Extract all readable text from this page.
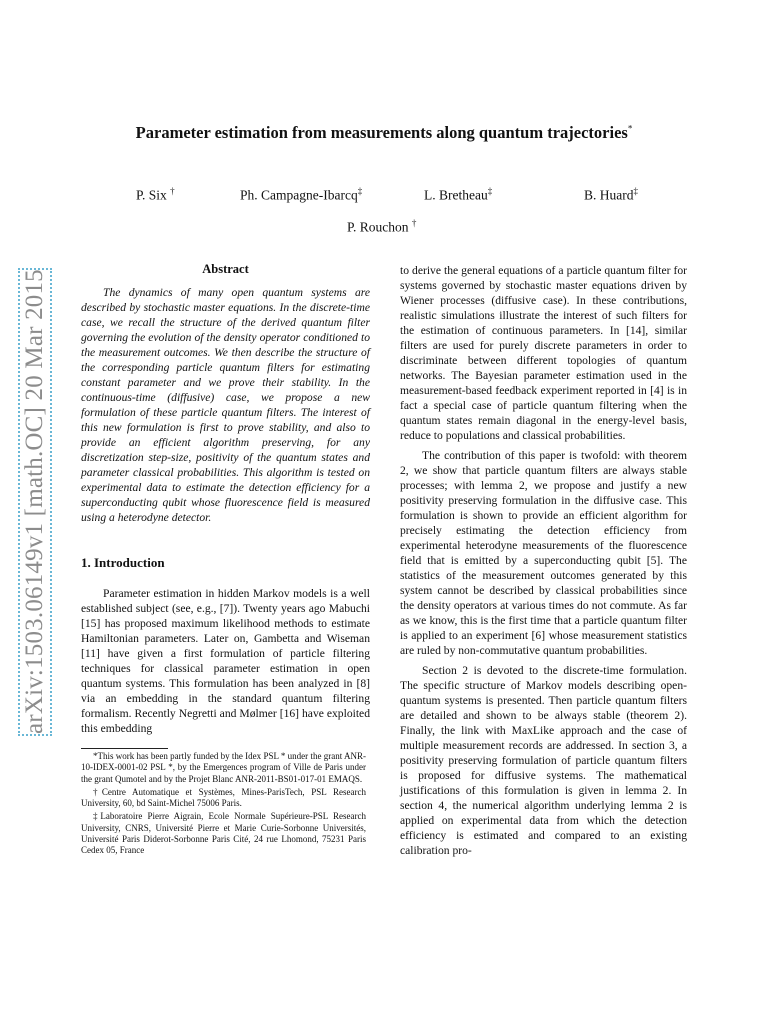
arXiv:1503.06149v1 [math.OC] 20 Mar 2015
Parameter estimation from measurements along quantum trajectories*
P. Six †	Ph. Campagne-Ibarcq‡	L. Bretheau‡	B. Huard‡
P. Rouchon †

Abstract

The dynamics of many open quantum systems are described by stochastic master equations. In the discrete-time case, we recall the structure of the derived quantum filter governing the evolution of the density operator conditioned to the measurement outcomes. We then describe the structure of the corresponding particle quantum filters for estimating constant parameter and we prove their stability. In the continuous-time (diffusive) case, we propose a new formulation of these particle quantum filters. The interest of this new formulation is first to prove stability, and also to provide an efficient algorithm preserving, for any discretization step-size, positivity of the quantum states and parameter classical probabilities. This algorithm is tested on experimental data to estimate the detection efficiency for a superconducting qubit whose fluorescence field is measured using a heterodyne detector.

1. Introduction

Parameter estimation in hidden Markov models is a well established subject (see, e.g., [7]). Twenty years ago Mabuchi [15] has proposed maximum likelihood methods to estimate Hamiltonian parameters. Later on, Gambetta and Wiseman [11] have given a first formulation of particle filtering techniques for classical parameter estimation in open quantum systems. This formulation has been analyzed in [8] via an embedding in the standard quantum filtering formalism. Recently Negretti and Mølmer [16] have exploited this embedding

*This work has been partly funded by the Idex PSL * under the grant ANR-10-IDEX-0001-02 PSL *, by the Emergences program of Ville de Paris under the grant Qumotel and by the Projet Blanc ANR-2011-BS01-017-01 EMAQS.

†Centre Automatique et Systèmes, Mines-ParisTech, PSL Research University, 60, bd Saint-Michel 75006 Paris.

‡Laboratoire Pierre Aigrain, Ecole Normale Supérieure-PSL Research University, CNRS, Université Pierre et Marie Curie-Sorbonne Universités, Université Paris Diderot-Sorbonne Paris Cité, 24 rue Lhomond, 75231 Paris Cedex 05, France

to derive the general equations of a particle quantum filter for systems governed by stochastic master equations driven by Wiener processes (diffusive case). In these contributions, realistic simulations illustrate the interest of such filters for the estimation of continuous parameters. In [14], similar filters are used for purely discrete parameters in order to discriminate between different topologies of quantum networks. The Bayesian parameter estimation used in the measurement-based feedback experiment reported in [4] is in fact a special case of particle quantum filtering when the quantum states remain diagonal in the energy-level basis, reduce to populations and classical probabilities.

The contribution of this paper is twofold: with theorem 2, we show that particle quantum filters are always stable processes; with lemma 2, we propose and justify a new positivity preserving formulation in the diffusive case. This formulation is shown to provide an efficient algorithm for precisely estimating the detection efficiency from experimental heterodyne measurements of the fluorescence field that is emitted by a superconducting qubit [5]. The statistics of the measurement outcomes generated by this system cannot be described by classical probabilities since the density operators at various times do not commute. As far as we know, this is the first time that a particle quantum filter is applied to an experiment [6] whose measurement statistics are ruled by non-commutative quantum probabilities.

Section 2 is devoted to the discrete-time formulation. The specific structure of Markov models describing open-quantum systems is presented. Then particle quantum filters are detailed and shown to be always stable (theorem 2). Finally, the link with MaxLike approach and the case of multiple measurement records are addressed. In section 3, a positivity preserving formulation of particle quantum filters is proposed for diffusive systems. The mathematical justifications of this formulation is given in lemma 2. In section 4, the numerical algorithm underlying lemma 2 is applied on experimental data from which the detection efficiency is estimated and compared to an existing calibration pro-
